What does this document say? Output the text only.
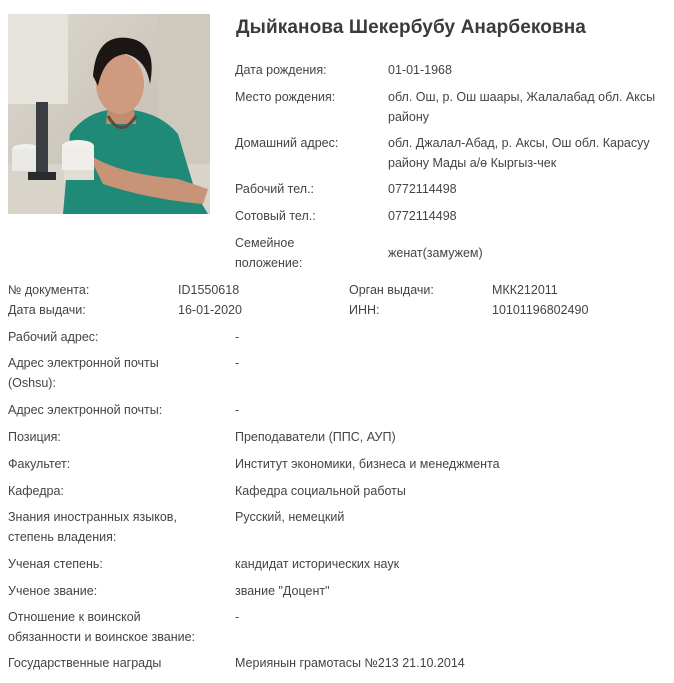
Дыйканова Шекербубу Анарбековна
Дата рождения:	01-01-1968
Место рождения:	обл. Ош, р. Ош шаары, Жалалабад обл. Аксы району
Домашний адрес:	обл. Джалал-Абад, р. Аксы, Ош обл. Карасуу району Мады а/ө Кыргыз-чек
Рабочий тел.:	0772114498
Сотовый тел.:	0772114498
Семейное положение:
женат(замужем)
№ документа:	ID1550618	Орган выдачи:	МКК212011
Дата выдачи:	16-01-2020	ИНН:	10101196802490
Рабочий адрес:	-
Адрес электронной почты (Oshsu):
-
Адрес электронной почты:	-
Позиция:	Преподаватели (ППС, АУП)
Факультет:	Институт экономики, бизнеса и менеджмента
Кафедра:	Кафедра социальной работы
Знания иностранных языков, степень владения:
Русский, немецкий
Ученая степень:	кандидат исторических наук
Ученое звание:	звание "Доцент"
Отношение к воинской обязанности и воинское звание:
-
Государственные награды	Мериянын грамотасы №213 21.10.2014
